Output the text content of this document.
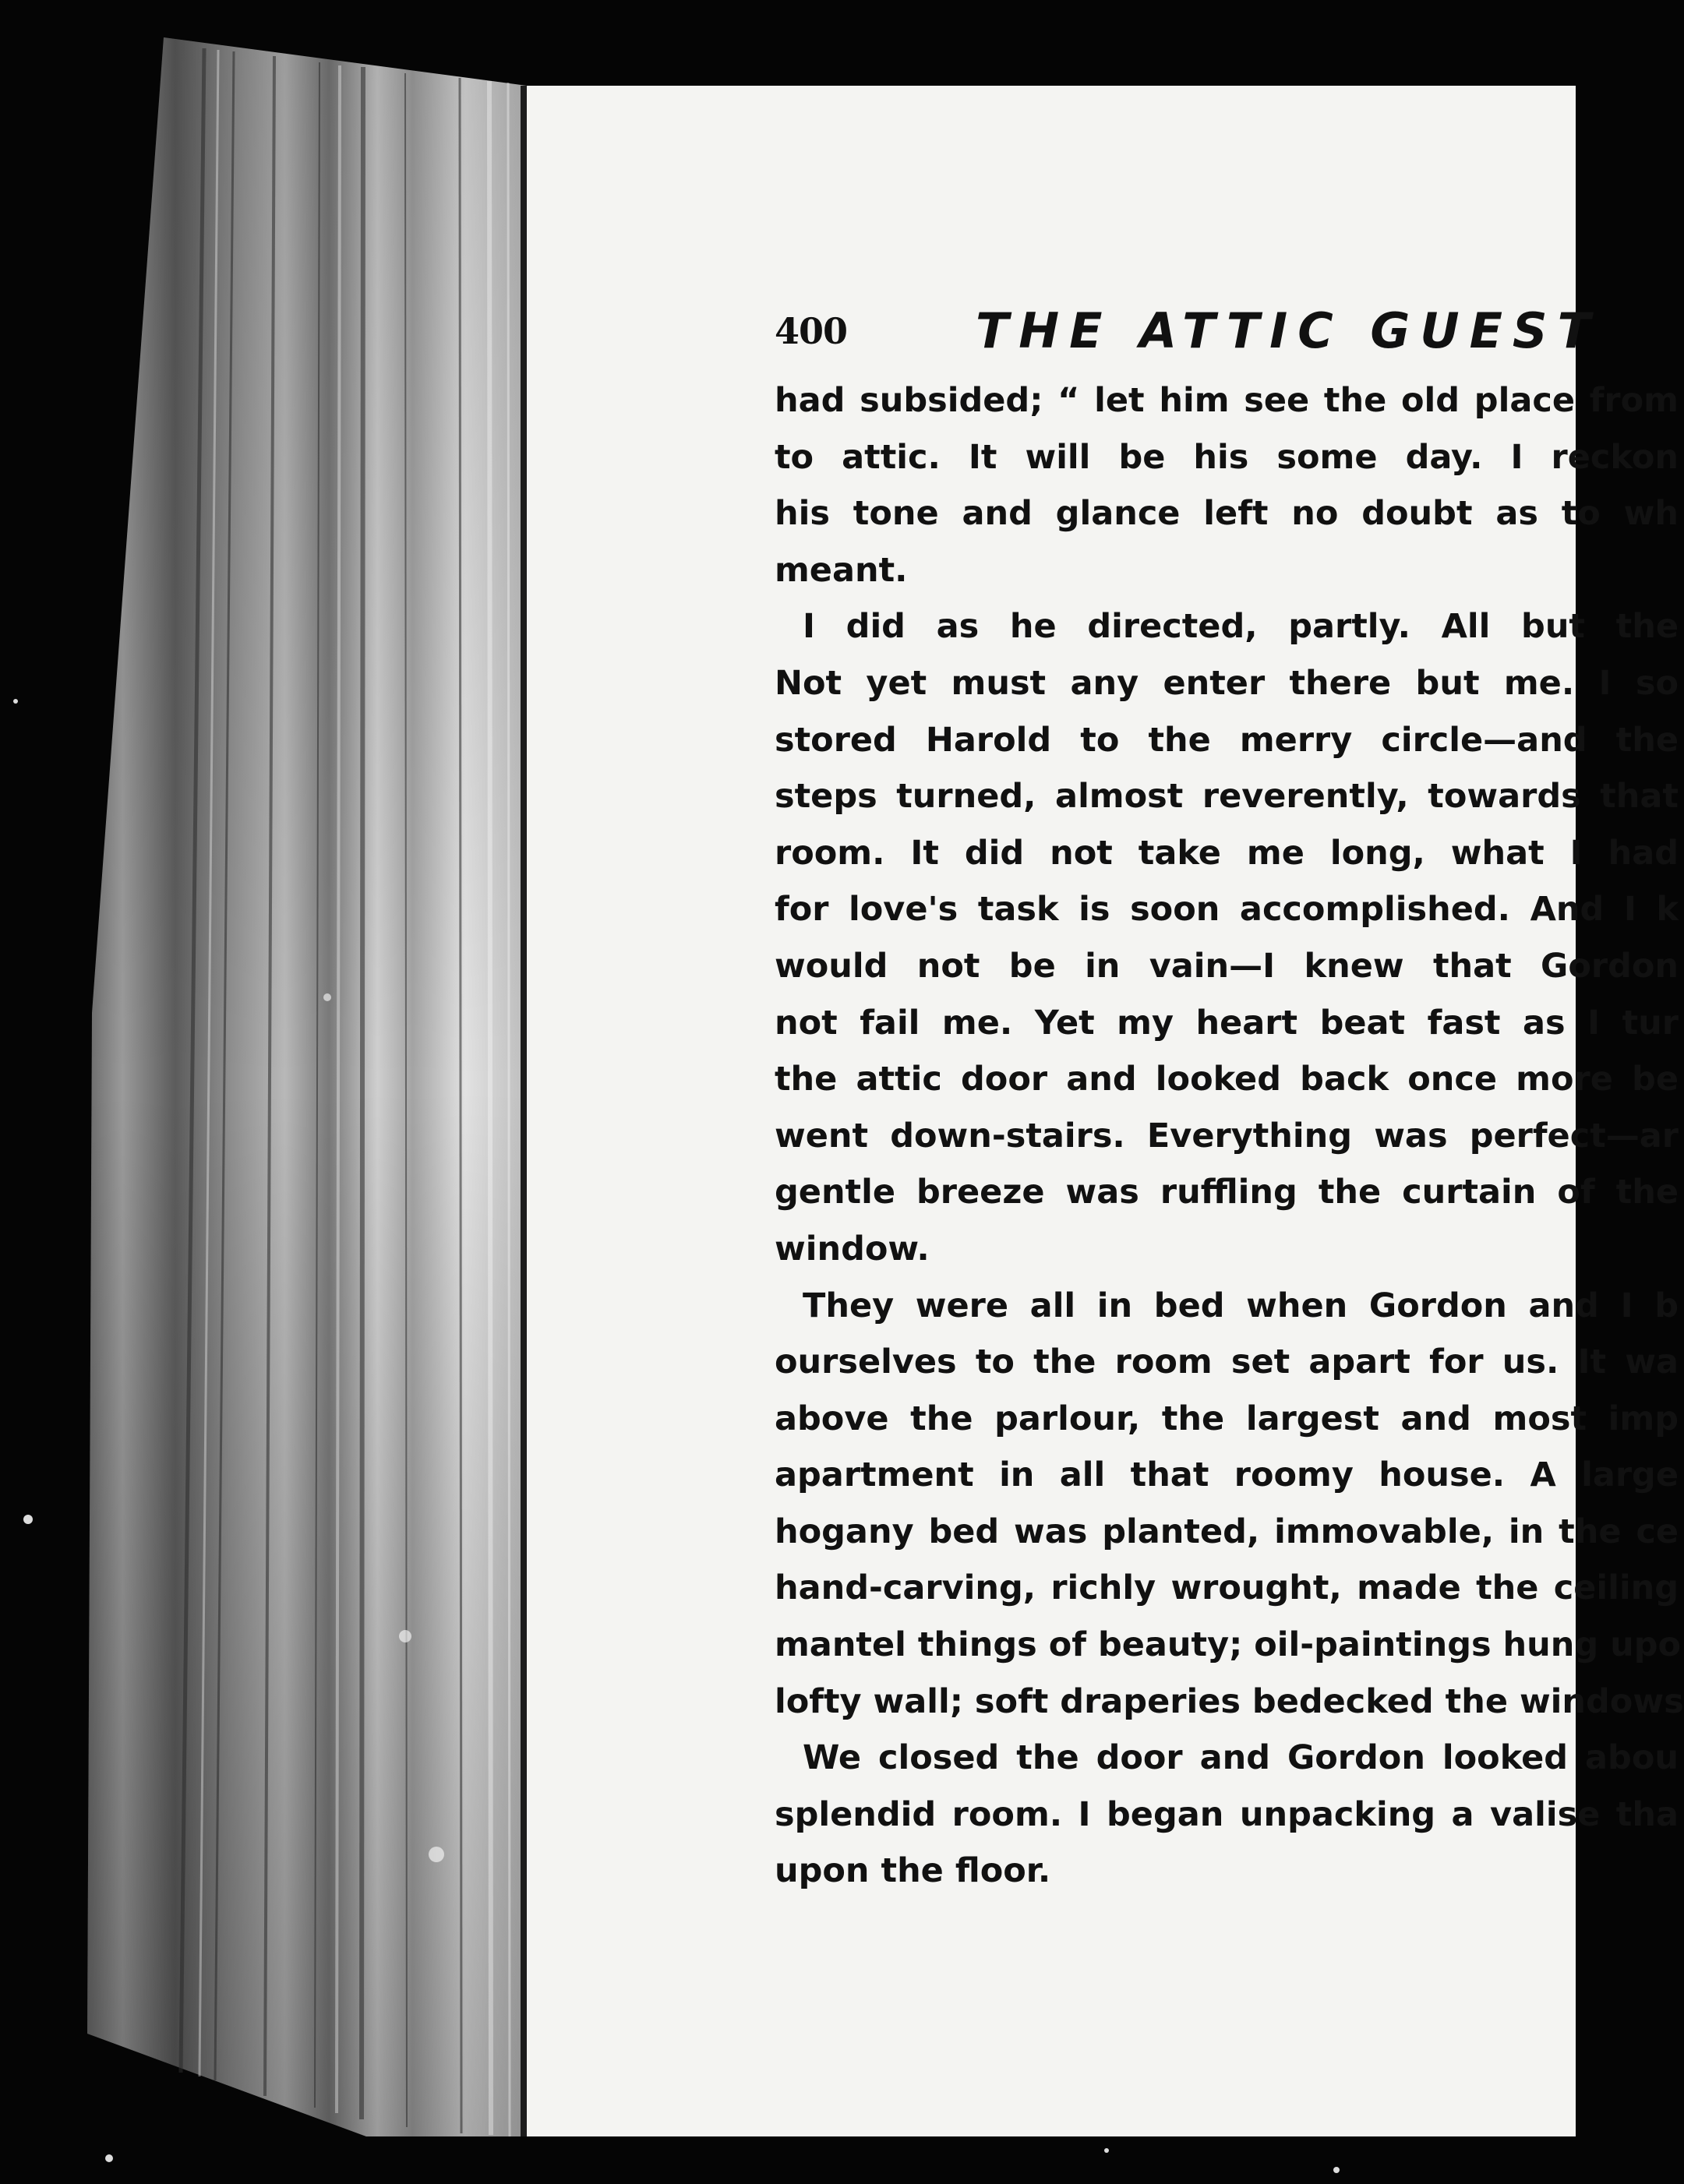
400	THE ATTIC GUEST
had subsided; “ let him see the old place from
to attic. It will be his some day. I reckon
his tone and glance left no doubt as to wh
meant.
I did as he directed, partly. All but the
Not yet must any enter there but me. I so
stored Harold to the merry circle—and the
steps turned, almost reverently, towards that
room. It did not take me long, what I had
for love's task is soon accomplished. And I k
would not be in vain—I knew that Gordon
not fail me. Yet my heart beat fast as I tur
the attic door and looked back once more be
went down-stairs. Everything was perfect—ar
gentle breeze was ruffling the curtain of the
window.
They were all in bed when Gordon and I b
ourselves to the room set apart for us. It wa
above the parlour, the largest and most imp
apartment in all that roomy house. A large
hogany bed was planted, immovable, in the ce
hand-carving, richly wrought, made the ceiling
mantel things of beauty; oil-paintings hung upo
lofty wall; soft draperies bedecked the windows
We closed the door and Gordon looked abou
splendid room. I began unpacking a valise tha
upon the floor.
